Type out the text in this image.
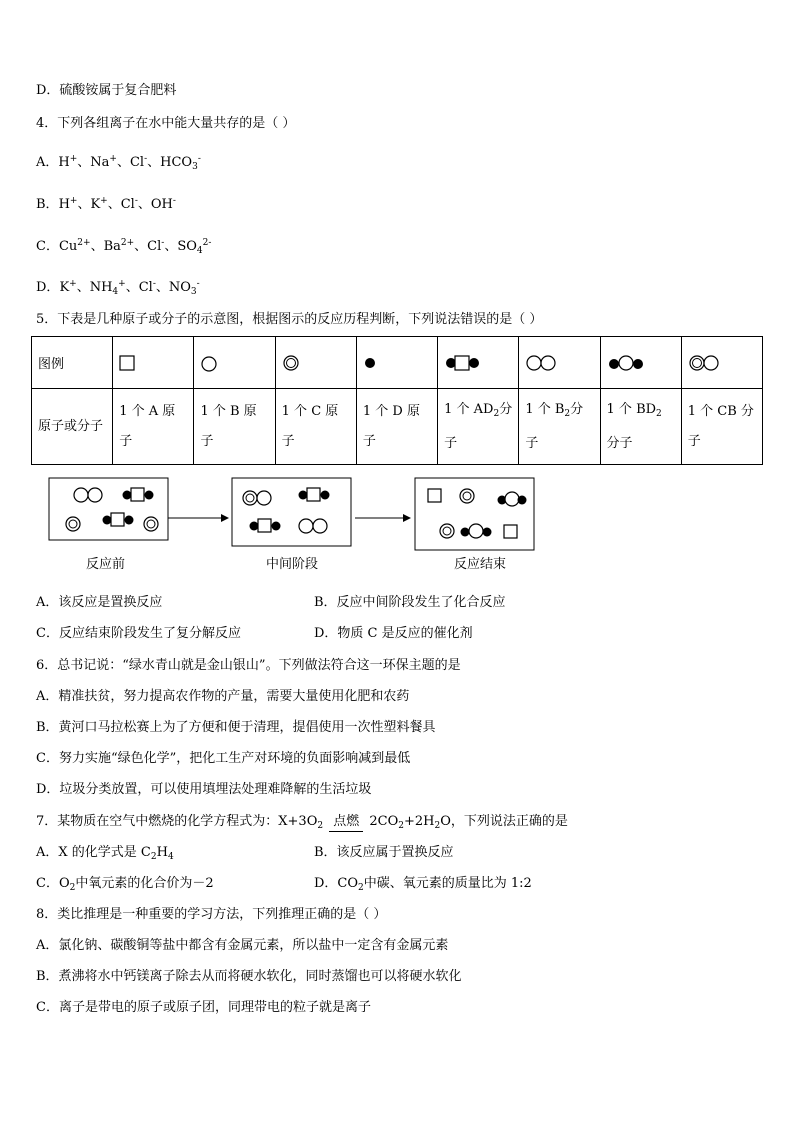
D．硫酸铵属于复合肥料
4．下列各组离子在水中能大量共存的是（ ）
A．H+、Na+、Cl-、$HCO_3^-$
B．H+、K+、Cl-、OH-
C．$Cu^{2+}$、$Ba^{2+}$、Cl-、$SO_4^{2-}$
D．K+、$NH_4^+$、Cl-、$NO_3^-$
5．下表是几种原子或分子的示意图，根据图示的反应历程判断，下列说法错误的是（ ）
图例								
原子或分子	1 个 A 原子	1 个 B 原子	1 个 C 原子	1 个 D 原子	1 个 $AD_2$分子	1 个 $B_2$分子	1 个 $BD_2$分子	1 个 CB 分子
反应前	中间阶段	反应结束
A．该反应是置换反应	B．反应中间阶段发生了化合反应
C．反应结束阶段发生了复分解反应	D．物质 C 是反应的催化剂
6．总书记说：“绿水青山就是金山银山”。下列做法符合这一环保主题的是
A．精准扶贫，努力提高农作物的产量，需要大量使用化肥和农药
B．黄河口马拉松赛上为了方便和便于清理，提倡使用一次性塑料餐具
C．努力实施“绿色化学”，把化工生产对环境的负面影响减到最低
D．垃圾分类放置，可以使用填埋法处理难降解的生活垃圾
7．某物质在空气中燃烧的化学方程式为：$X+3O_2$ 点燃 $2CO_2+2H_2O$，下列说法正确的是
A．X 的化学式是 $C_2H_4$	B．该反应属于置换反应
C．$O_2$中氧元素的化合价为－2	D．$CO_2$中碳、氧元素的质量比为 1:2
8．类比推理是一种重要的学习方法，下列推理正确的是（ ）
A．氯化钠、碳酸铜等盐中都含有金属元素，所以盐中一定含有金属元素
B．煮沸将水中钙镁离子除去从而将硬水软化，同时蒸馏也可以将硬水软化
C．离子是带电的原子或原子团，同理带电的粒子就是离子
